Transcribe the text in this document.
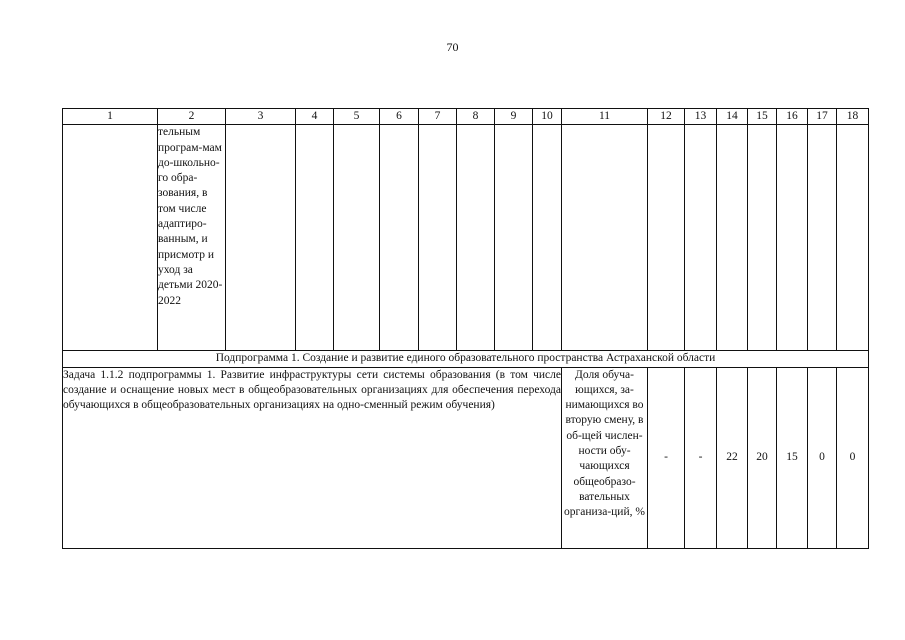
70
1	2	3	4	5	6	7	8	9	10	11	12	13	14	15	16	17	18
	тельным програм-мам до-школьно-го обра-зования, в том числе адаптиро-ванным, и присмотр и уход за детьми 2020-2022																
Подпрограмма 1. Создание и развитие единого образовательного пространства Астраханской области																	
Задача 1.1.2 подпрограммы 1. Развитие инфраструктуры сети системы образования (в том числе создание и оснащение новых мест в общеобразовательных организациях для обеспечения перехода обучающихся в общеобразовательных организациях на одно-сменный режим обучения)										Доля обуча-ющихся, за-нимающихся во вторую смену, в об-щей числен-ности обу-чающихся общеобразо-вательных организа-ций, %	-	-	22	20	15	0	0
